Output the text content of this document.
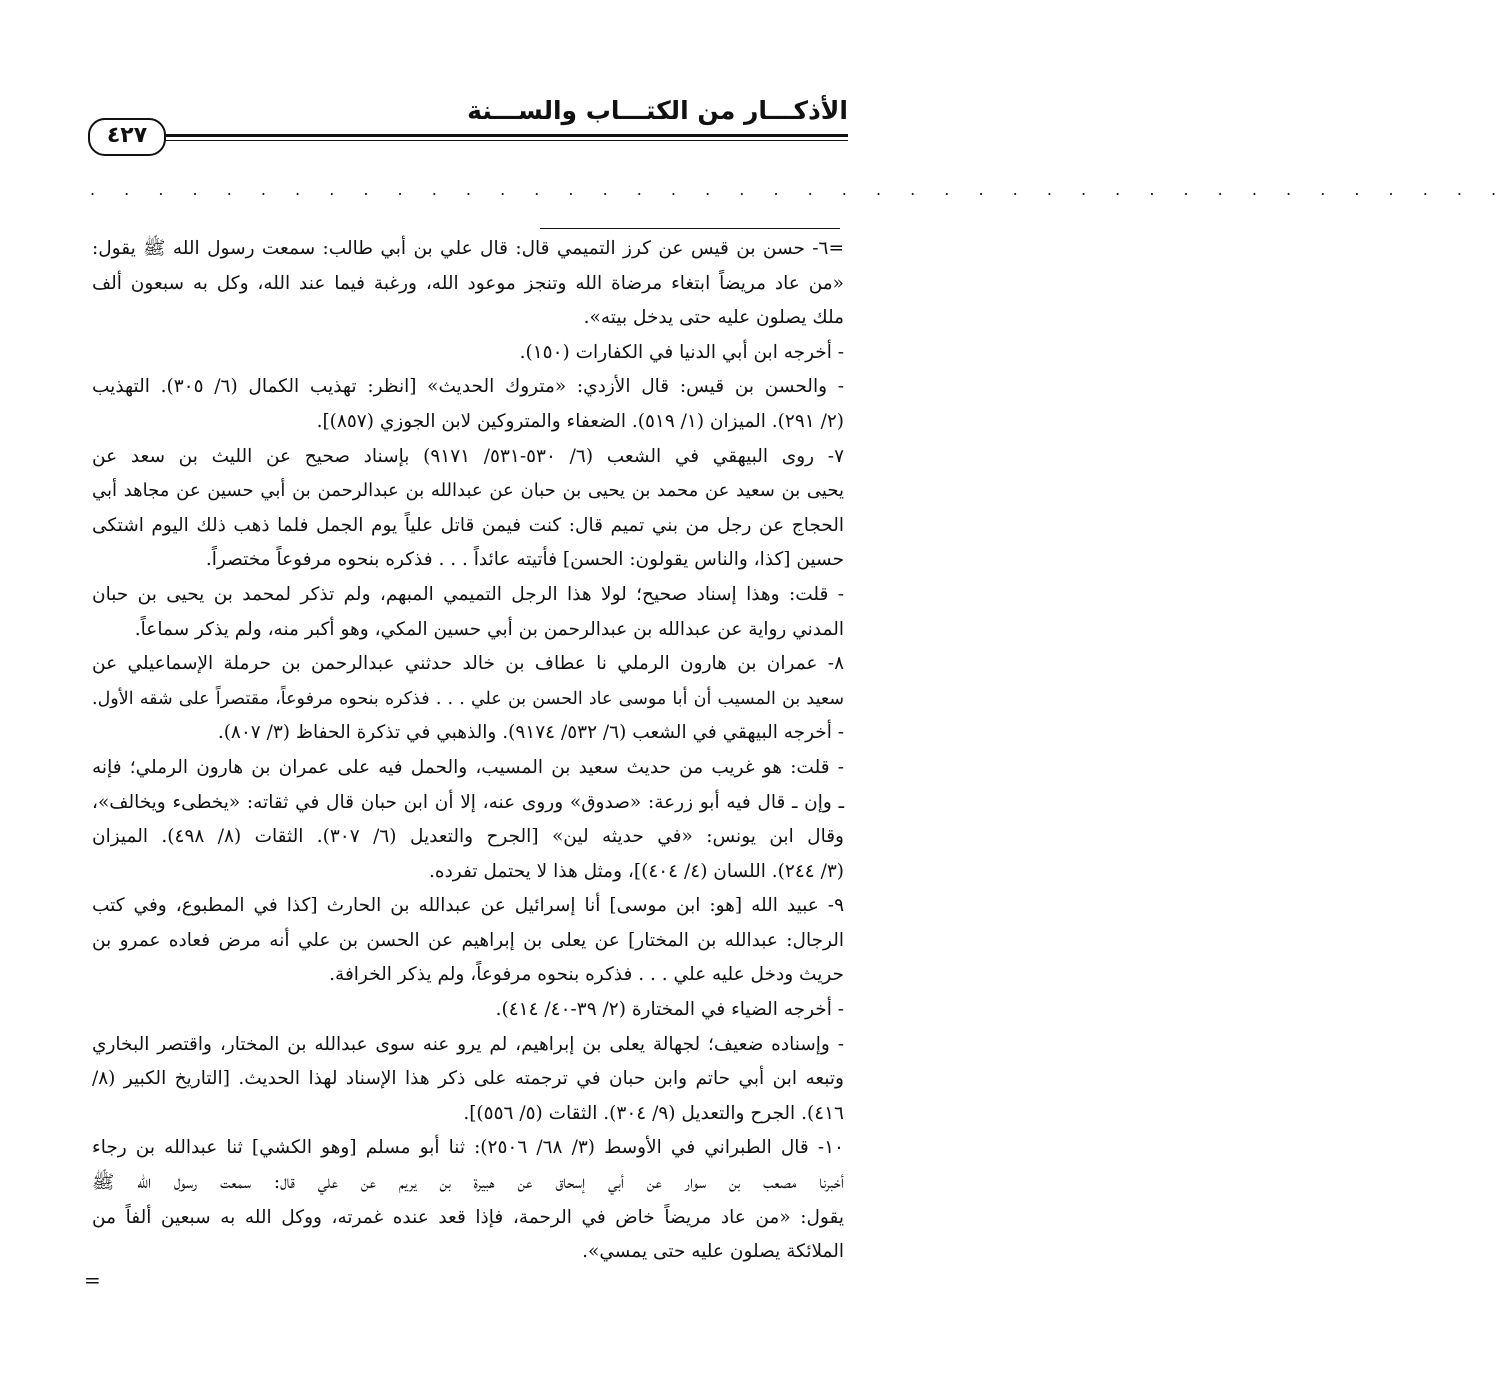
الأذكـــار من الكتـــاب والســـنة
٤٢٧
. . . . . . . . . . . . . . . . . . . . . . . . . . . . . . . . . . . . . . . . . .
=٦- حسن بن قيس عن كرز التميمي قال: قال علي بن أبي طالب: سمعت رسول الله ﷺ يقول:
«من عاد مريضاً ابتغاء مرضاة الله وتنجز موعود الله، ورغبة فيما عند الله، وكل به سبعون ألف
ملك يصلون عليه حتى يدخل بيته».
- أخرجه ابن أبي الدنيا في الكفارات (١٥٠).
- والحسن بن قيس: قال الأزدي: «متروك الحديث» [انظر: تهذيب الكمال (٦/ ٣٠٥). التهذيب
(٢/ ٢٩١). الميزان (١/ ٥١٩). الضعفاء والمتروكين لابن الجوزي (٨٥٧)].
٧- روى البيهقي في الشعب (٦/ ٥٣٠-٥٣١/ ٩١٧١) بإسناد صحيح عن الليث بن سعد عن
يحيى بن سعيد عن محمد بن يحيى بن حبان عن عبدالله بن عبدالرحمن بن أبي حسين عن مجاهد أبي
الحجاج عن رجل من بني تميم قال: كنت فيمن قاتل علياً يوم الجمل فلما ذهب ذلك اليوم اشتكى
حسين [كذا، والناس يقولون: الحسن] فأتيته عائداً . . . فذكره بنحوه مرفوعاً مختصراً.
- قلت: وهذا إسناد صحيح؛ لولا هذا الرجل التميمي المبهم، ولم تذكر لمحمد بن يحيى بن حبان
المدني رواية عن عبدالله بن عبدالرحمن بن أبي حسين المكي، وهو أكبر منه، ولم يذكر سماعاً.
٨- عمران بن هارون الرملي نا عطاف بن خالد حدثني عبدالرحمن بن حرملة الإسماعيلي عن
سعيد بن المسيب أن أبا موسى عاد الحسن بن علي . . . فذكره بنحوه مرفوعاً، مقتصراً على شقه الأول.
- أخرجه البيهقي في الشعب (٦/ ٥٣٢/ ٩١٧٤). والذهبي في تذكرة الحفاظ (٣/ ٨٠٧).
- قلت: هو غريب من حديث سعيد بن المسيب، والحمل فيه على عمران بن هارون الرملي؛ فإنه
ـ وإن ـ قال فيه أبو زرعة: «صدوق» وروى عنه، إلا أن ابن حبان قال في ثقاته: «يخطىء ويخالف»،
وقال ابن يونس: «في حديثه لين» [الجرح والتعديل (٦/ ٣٠٧). الثقات (٨/ ٤٩٨). الميزان
(٣/ ٢٤٤). اللسان (٤/ ٤٠٤)]، ومثل هذا لا يحتمل تفرده.
٩- عبيد الله [هو: ابن موسى] أنا إسرائيل عن عبدالله بن الحارث [كذا في المطبوع، وفي كتب
الرجال: عبدالله بن المختار] عن يعلى بن إبراهيم عن الحسن بن علي أنه مرض فعاده عمرو بن
حريث ودخل عليه علي . . . فذكره بنحوه مرفوعاً، ولم يذكر الخرافة.
- أخرجه الضياء في المختارة (٢/ ٣٩-٤٠/ ٤١٤).
- وإسناده ضعيف؛ لجهالة يعلى بن إبراهيم، لم يرو عنه سوى عبدالله بن المختار، واقتصر البخاري
وتبعه ابن أبي حاتم وابن حبان في ترجمته على ذكر هذا الإسناد لهذا الحديث. [التاريخ الكبير (٨/
٤١٦). الجرح والتعديل (٩/ ٣٠٤). الثقات (٥/ ٥٥٦)].
١٠- قال الطبراني في الأوسط (٣/ ٦٨/ ٢٥٠٦): ثنا أبو مسلم [وهو الكشي] ثنا عبدالله بن رجاء
أخبرنا مصعب بن سوار عن أبي إسحاق عن هبيرة بن يريم عن علي قال: سمعت رسول الله ﷺ
يقول: «من عاد مريضاً خاض في الرحمة، فإذا قعد عنده غمرته، ووكل الله به سبعين ألفاً من
الملائكة يصلون عليه حتى يمسي».
=
